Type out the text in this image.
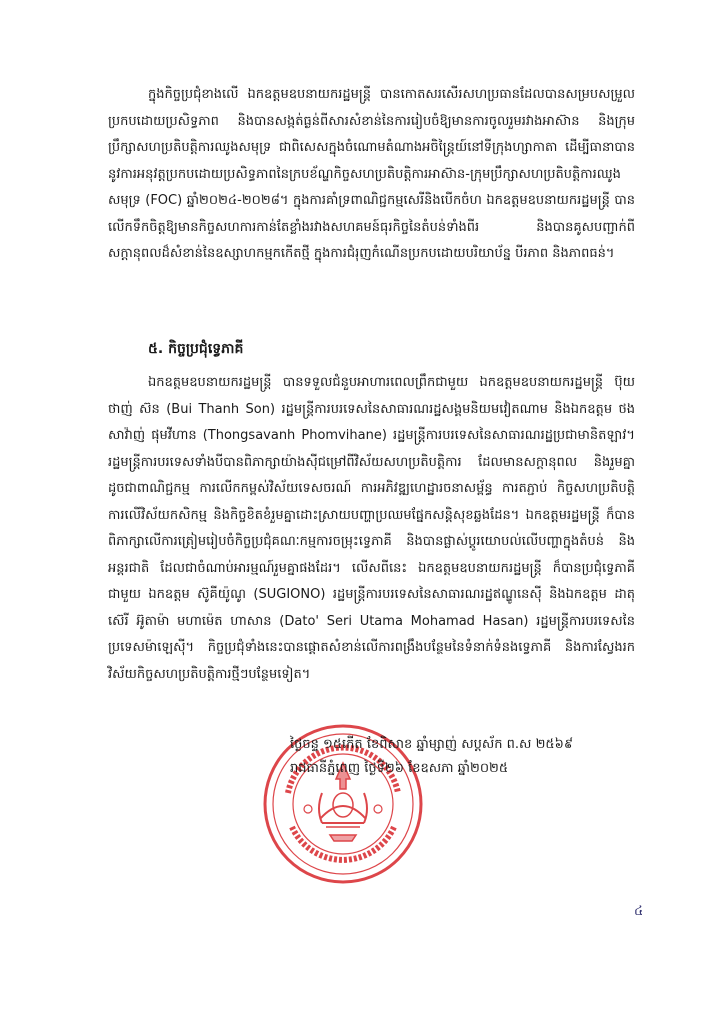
ក្នុងកិច្ចប្រជុំខាងលើ ឯកឧត្តមឧបនាយករដ្ឋមន្ត្រី បានកោតសរសើរសហប្រធានដែលបានសម្របសម្រួលប្រកបដោយប្រសិទ្ធភាព និងបានសង្កត់ធ្ងន់ពីសារសំខាន់នៃការរៀបចំឱ្យមានការចូលរួមរវាងអាស៊ាន និងក្រុមប្រឹក្សាសហប្រតិបត្តិការឈូងសមុទ្រ ជាពិសេសក្នុងចំណោមតំណាងអចិន្ត្រៃយ៍នៅទីក្រុងហ្សាកាតា ដើម្បីធានាបាននូវការអនុវត្តប្រកបដោយប្រសិទ្ធភាពនៃក្របខ័ណ្ឌកិច្ចសហប្រតិបត្តិការអាស៊ាន-ក្រុមប្រឹក្សាសហប្រតិបត្តិការឈូងសមុទ្រ (FOC) ឆ្នាំ២០២៤-២០២៨។ ក្នុងការគាំទ្រពាណិជ្ជកម្មសេរីនិងបើកចំហ ឯកឧត្តមឧបនាយករដ្ឋមន្ត្រី បានលើកទឹកចិត្តឱ្យមានកិច្ចសហការកាន់តែខ្លាំងរវាងសហគមន៍ធុរកិច្ចនៃតំបន់ទាំងពីរ និងបានគូសបញ្ជាក់ពីសក្តានុពលដ៏សំខាន់នៃឧស្សាហកម្មកកើតថ្មី ក្នុងការជំរុញកំណើនប្រកបដោយបរិយាប័ន្ន បីរភាព និងភាពធន់។

៥. កិច្ចប្រជុំទ្វេភាគី

ឯកឧត្តមឧបនាយករដ្ឋមន្ត្រី បានទទួលជំនួបអាហារពេលព្រឹកជាមួយ ឯកឧត្តមឧបនាយករដ្ឋមន្ត្រី ប៊ុយ ថាញ់ ស៊ន (Bui Thanh Son) រដ្ឋមន្ត្រីការបរទេសនៃសាធារណរដ្ឋសង្គមនិយមវៀតណាម និងឯកឧត្តម ថងសាវ៉ាញ់ ផុមវីហាន (Thongsavanh Phomvihane) រដ្ឋមន្ត្រីការបរទេសនៃសាធារណរដ្ឋប្រជាមានិតឡាវ។ រដ្ឋមន្ត្រីការបរទេសទាំងបីបានពិភាក្សាយ៉ាងស៊ីជម្រៅពីវិស័យសហប្រតិបត្តិការ ដែលមានសក្តានុពល និងរួមគ្នាដូចជាពាណិជ្ជកម្ម ការលើកកម្ពស់វិស័យទេសចរណ៍ ការអភិវឌ្ឍហេដ្ឋារចនាសម្ព័ន្ធ ការតភ្ជាប់ កិច្ចសហប្រតិបត្តិការលើវិស័យកសិកម្ម និងកិច្ចខិតខំរួមគ្នាដោះស្រាយបញ្ហាប្រឈមផ្នែកសន្តិសុខឆ្លងដែន។ ឯកឧត្តមរដ្ឋមន្ត្រី ក៏បានពិភាក្សាលើការត្រៀមរៀបចំកិច្ចប្រជុំគណៈកម្មការចម្រុះទ្វេភាគី និងបានផ្លាស់ប្តូរយោបល់លើបញ្ហាក្នុងតំបន់ និងអន្តរជាតិ ដែលជាចំណាប់អារម្មណ៍រួមគ្នាផងដែរ។ លើសពីនេះ ឯកឧត្តមឧបនាយករដ្ឋមន្ត្រី ក៏បានប្រជុំទ្វេភាគីជាមួយ ឯកឧត្តម ស៊ូគីយ៉ូណូ (SUGIONO) រដ្ឋមន្ត្រីការបរទេសនៃសាធារណរដ្ឋឥណ្ឌូនេស៊ី និងឯកឧត្តម ដាតុ ស៊េរី អ៊ូតាម៉ា មហាម៉េត ហាសាន (Dato' Seri Utama Mohamad Hasan) រដ្ឋមន្ត្រីការបរទេសនៃប្រទេសម៉ាឡេស៊ី។ កិច្ចប្រជុំទាំងនេះបានផ្តោតសំខាន់លើការពង្រឹងបន្ថែមនៃទំនាក់ទំនងទ្វេភាគី និងការស្វែងរកវិស័យកិច្ចសហប្រតិបត្តិការថ្មីៗបន្ថែមទៀត។

ថ្ងៃចន្ទ ១៥កើត ខែពិសាខ ឆ្នាំម្សាញ់ សប្តស័ក ព.ស ២៥៦៩
រាជធានីភ្នំពេញ ថ្ងៃទី២៦ ខែឧសភា ឆ្នាំ២០២៥
៤
